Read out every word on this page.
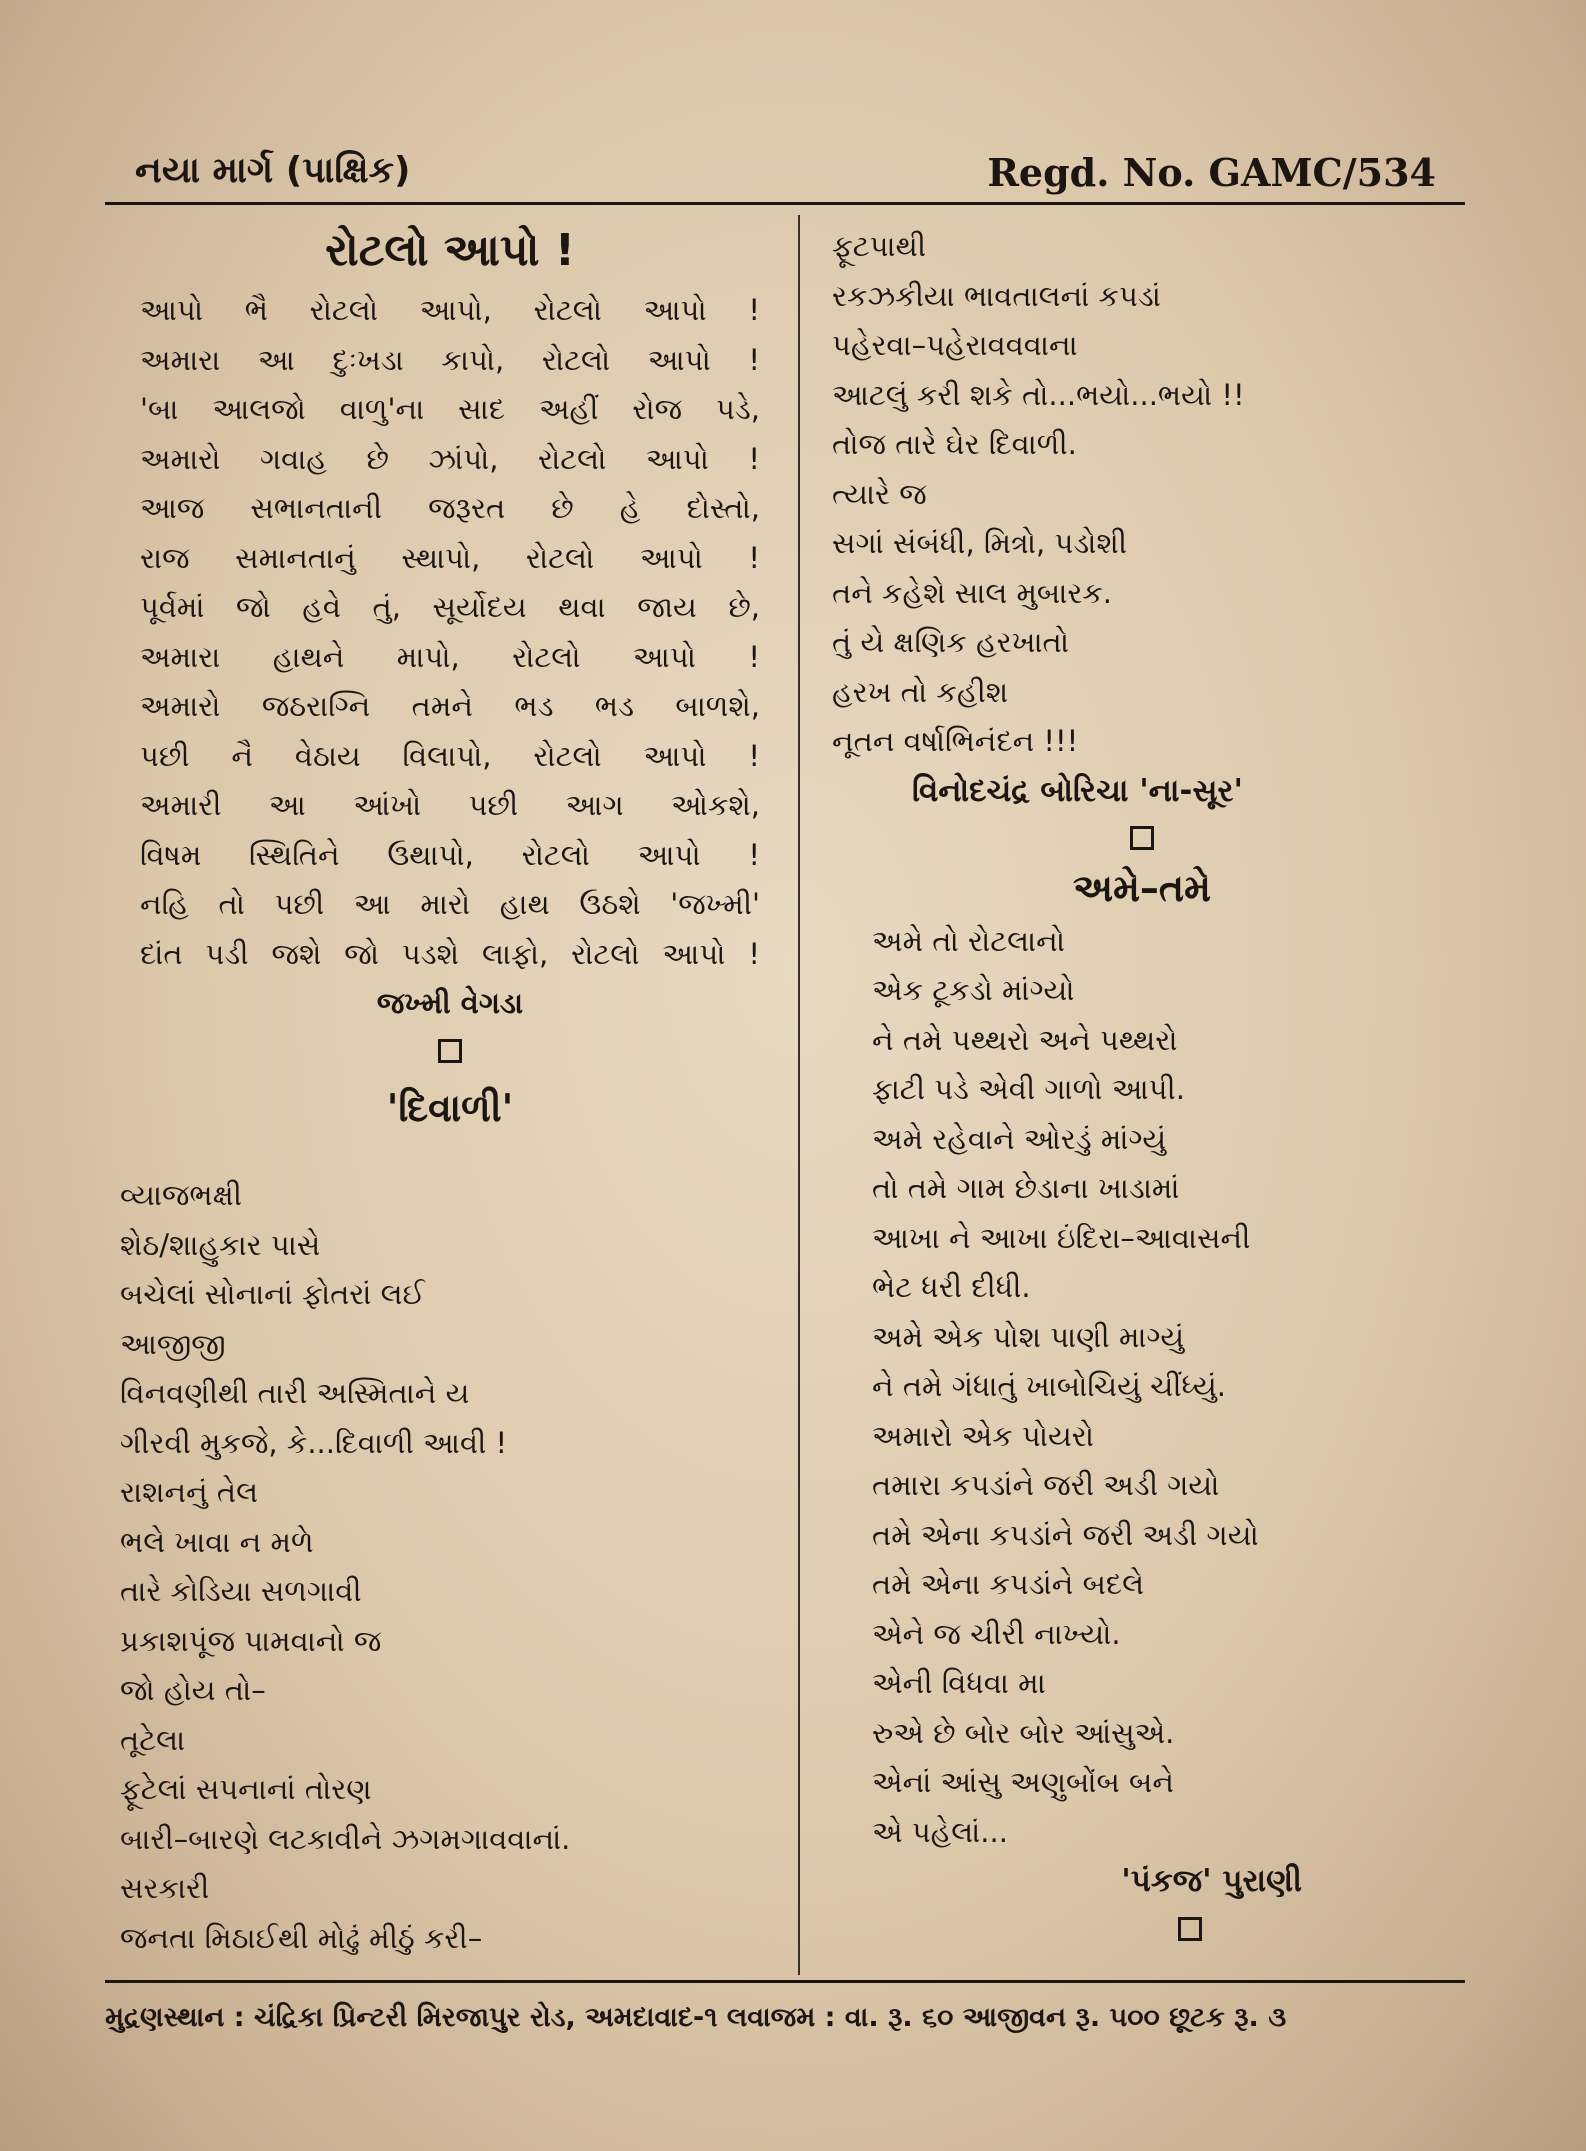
નયા માર્ગ (પાક્ષિક)	Regd. No. GAMC/534
રોટલો આપો !
આપો ભૈ રોટલો આપો, રોટલો આપો !
અમારા આ દુઃખડા કાપો, રોટલો આપો !
'બા આલજો વાળુ'ના સાદ અહીં રોજ પડે,
અમારો ગવાહ છે ઝાંપો, રોટલો આપો !
આજ સભાનતાની જરૂરત છે હે દોસ્તો,
રાજ સમાનતાનું સ્થાપો, રોટલો આપો !
પૂર્વમાં જો હવે તું, સૂર્યોદય થવા જાય છે,
અમારા હાથને માપો, રોટલો આપો !
અમારો જઠરાગ્નિ તમને ભડ ભડ બાળશે,
પછી નૈ વેઠાય વિલાપો, રોટલો આપો !
અમારી આ આંખો પછી આગ ઓકશે,
વિષમ સ્થિતિને ઉથાપો, રોટલો આપો !
નહિ તો પછી આ મારો હાથ ઉઠશે 'જખ્મી'
દાંત પડી જશે જો પડશે લાફો, રોટલો આપો !
જખ્મી વેગડા
'દિવાળી'
વ્યાજભક્ષી
શેઠ/શાહુકાર પાસે
બચેલાં સોનાનાં ફોતરાં લઈ
આજીજી
વિનવણીથી તારી અસ્મિતાને ય
ગીરવી મુકજે, કે...દિવાળી આવી !
રાશનનું તેલ
ભલે ખાવા ન મળે
તારે કોડિયા સળગાવી
પ્રકાશપૂંજ પામવાનો જ
જો હોય તો–
તૂટેલા
ફૂટેલાં સપનાનાં તોરણ
બારી–બારણે લટકાવીને ઝગમગાવવાનાં.
સરકારી
જનતા મિઠાઈથી મોઢું મીઠું કરી–
ફૂટપાથી
રકઝકીયા ભાવતાલનાં કપડાં
પહેરવા–પહેરાવવવાના
આટલું કરી શકે તો...ભયો...ભયો !!
તોજ તારે ઘેર દિવાળી.
ત્યારે જ
સગાં સંબંધી, મિત્રો, પડોશી
તને કહેશે સાલ મુબારક.
તું યે ક્ષણિક હરખાતો
હરખ તો કહીશ
નૂતન વર્ષાભિનંદન !!!
વિનોદચંદ્ર બોરિચા 'ના-સૂર'
અમે–તમે
અમે તો રોટલાનો
એક ટૂકડો માંગ્યો
ને તમે પથ્થરો અને પથ્થરો
ફાટી પડે એવી ગાળો આપી.
અમે રહેવાને ઓરડું માંગ્યું
તો તમે ગામ છેડાના ખાડામાં
આખા ને આખા ઇંદિરા–આવાસની
ભેટ ધરી દીધી.
અમે એક પોશ પાણી માગ્યું
ને તમે ગંધાતું ખાબોચિયું ચીંધ્યું.
અમારો એક પોયરો
તમારા કપડાંને જરી અડી ગયો
તમે એના કપડાંને જરી અડી ગયો
તમે એના કપડાંને બદલે
એને જ ચીરી નાખ્યો.
એની વિધવા મા
રુએ છે બોર બોર આંસુએ.
એનાં આંસુ અણુબોંબ બને
એ પહેલાં...
'પંકજ' પુરાણી
મુદ્રણસ્થાન : ચંદ્રિકા પ્રિન્ટરી મિરજાપુર રોડ, અમદાવાદ-૧ લવાજમ : વા. રૂ. ૬૦ આજીવન રૂ. ૫૦૦ છૂટક રૂ. ૩
